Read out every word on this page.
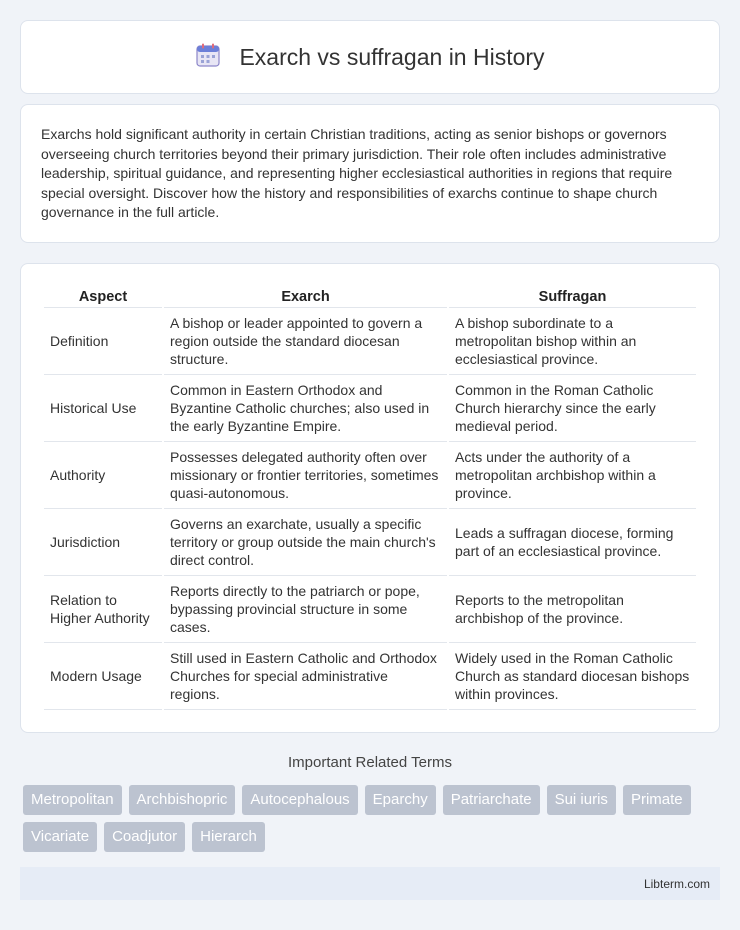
Exarch vs suffragan in History

Exarchs hold significant authority in certain Christian traditions, acting as senior bishops or governors overseeing church territories beyond their primary jurisdiction. Their role often includes administrative leadership, spiritual guidance, and representing higher ecclesiastical authorities in regions that require special oversight. Discover how the history and responsibilities of exarchs continue to shape church governance in the full article.

Aspect	Exarch	Suffragan
Definition	A bishop or leader appointed to govern a region outside the standard diocesan structure.	A bishop subordinate to a metropolitan bishop within an ecclesiastical province.
Historical Use	Common in Eastern Orthodox and Byzantine Catholic churches; also used in the early Byzantine Empire.	Common in the Roman Catholic Church hierarchy since the early medieval period.
Authority	Possesses delegated authority often over missionary or frontier territories, sometimes quasi-autonomous.	Acts under the authority of a metropolitan archbishop within a province.
Jurisdiction	Governs an exarchate, usually a specific territory or group outside the main church's direct control.	Leads a suffragan diocese, forming part of an ecclesiastical province.
Relation to Higher Authority	Reports directly to the patriarch or pope, bypassing provincial structure in some cases.	Reports to the metropolitan archbishop of the province.
Modern Usage	Still used in Eastern Catholic and Orthodox Churches for special administrative regions.	Widely used in the Roman Catholic Church as standard diocesan bishops within provinces.
Important Related Terms
Metropolitan	Archbishopric	Autocephalous	Eparchy	Patriarchate	Sui iuris	Primate
Vicariate	Coadjutor	Hierarch
Libterm.com
